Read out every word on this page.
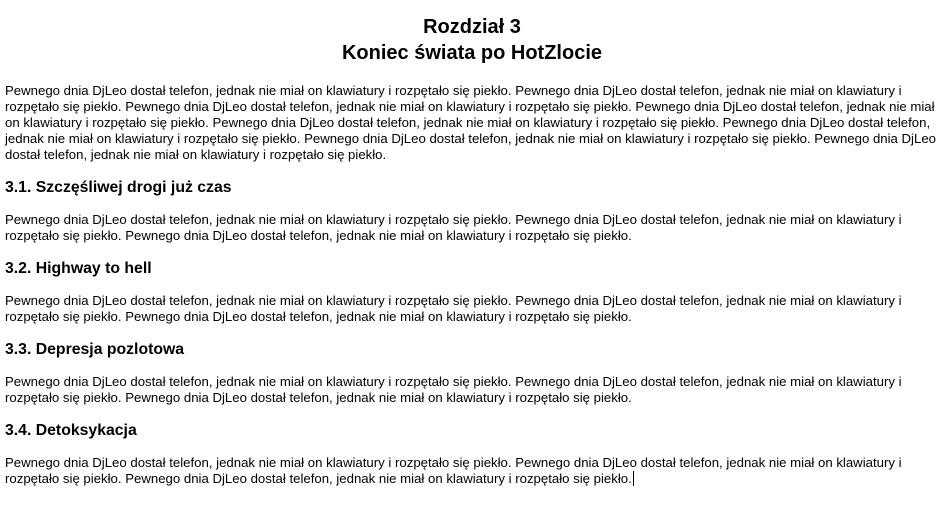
Rozdział 3
Koniec świata po HotZlocie

Pewnego dnia DjLeo dostał telefon, jednak nie miał on klawiatury i rozpętało się piekło. Pewnego dnia DjLeo dostał telefon, jednak nie miał on klawiatury i rozpętało się piekło. Pewnego dnia DjLeo dostał telefon, jednak nie miał on klawiatury i rozpętało się piekło. Pewnego dnia DjLeo dostał telefon, jednak nie miał on klawiatury i rozpętało się piekło. Pewnego dnia DjLeo dostał telefon, jednak nie miał on klawiatury i rozpętało się piekło. Pewnego dnia DjLeo dostał telefon, jednak nie miał on klawiatury i rozpętało się piekło. Pewnego dnia DjLeo dostał telefon, jednak nie miał on klawiatury i rozpętało się piekło. Pewnego dnia DjLeo dostał telefon, jednak nie miał on klawiatury i rozpętało się piekło.

3.1. Szczęśliwej drogi już czas

Pewnego dnia DjLeo dostał telefon, jednak nie miał on klawiatury i rozpętało się piekło. Pewnego dnia DjLeo dostał telefon, jednak nie miał on klawiatury i rozpętało się piekło. Pewnego dnia DjLeo dostał telefon, jednak nie miał on klawiatury i rozpętało się piekło.

3.2. Highway to hell

Pewnego dnia DjLeo dostał telefon, jednak nie miał on klawiatury i rozpętało się piekło. Pewnego dnia DjLeo dostał telefon, jednak nie miał on klawiatury i rozpętało się piekło. Pewnego dnia DjLeo dostał telefon, jednak nie miał on klawiatury i rozpętało się piekło.

3.3. Depresja pozlotowa

Pewnego dnia DjLeo dostał telefon, jednak nie miał on klawiatury i rozpętało się piekło. Pewnego dnia DjLeo dostał telefon, jednak nie miał on klawiatury i rozpętało się piekło. Pewnego dnia DjLeo dostał telefon, jednak nie miał on klawiatury i rozpętało się piekło.

3.4. Detoksykacja

Pewnego dnia DjLeo dostał telefon, jednak nie miał on klawiatury i rozpętało się piekło. Pewnego dnia DjLeo dostał telefon, jednak nie miał on klawiatury i rozpętało się piekło. Pewnego dnia DjLeo dostał telefon, jednak nie miał on klawiatury i rozpętało się piekło.
